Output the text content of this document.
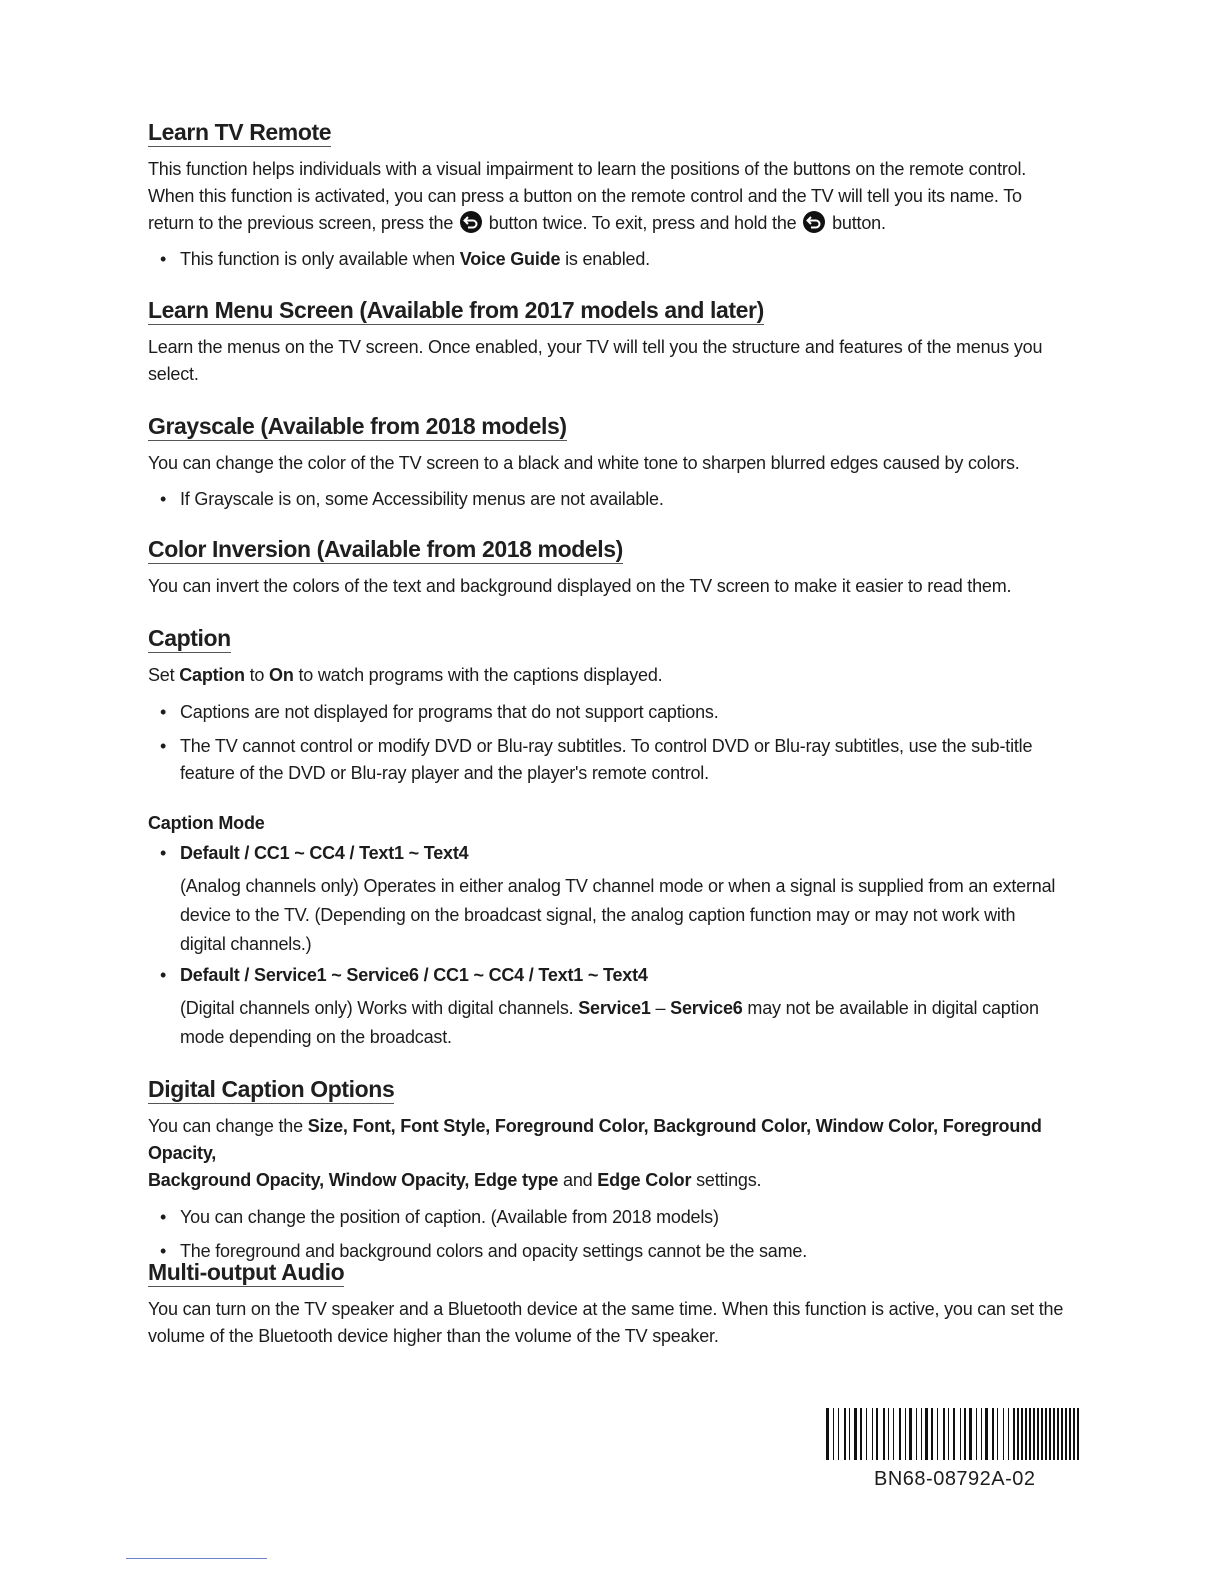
Learn TV Remote

This function helps individuals with a visual impairment to learn the positions of the buttons on the remote control.

When this function is activated, you can press a button on the remote control and the TV will tell you its name. To

return to the previous screen, press the button twice. To exit, press and hold the button.

• This function is only available when Voice Guide is enabled.
Learn Menu Screen (Available from 2017 models and later)

Learn the menus on the TV screen. Once enabled, your TV will tell you the structure and features of the menus you

select.

Grayscale (Available from 2018 models)

You can change the color of the TV screen to a black and white tone to sharpen blurred edges caused by colors.

• If Grayscale is on, some Accessibility menus are not available.
Color Inversion (Available from 2018 models)

You can invert the colors of the text and background displayed on the TV screen to make it easier to read them.

Caption

Set Caption to On to watch programs with the captions displayed.

• Captions are not displayed for programs that do not support captions.
• The TV cannot control or modify DVD or Blu-ray subtitles. To control DVD or Blu-ray subtitles, use the sub-title
feature of the DVD or Blu-ray player and the player's remote control.
Caption Mode
• Default / CC1 ~ CC4 / Text1 ~ Text4
(Analog channels only) Operates in either analog TV channel mode or when a signal is supplied from an external
device to the TV. (Depending on the broadcast signal, the analog caption function may or may not work with
digital channels.)
• Default / Service1 ~ Service6 / CC1 ~ CC4 / Text1 ~ Text4
(Digital channels only) Works with digital channels. Service1 – Service6 may not be available in digital caption
mode depending on the broadcast.
Digital Caption Options

You can change the Size, Font, Font Style, Foreground Color, Background Color, Window Color, Foreground Opacity,

Background Opacity, Window Opacity, Edge type and Edge Color settings.

• You can change the position of caption. (Available from 2018 models)
• The foreground and background colors and opacity settings cannot be the same.
Multi-output Audio

You can turn on the TV speaker and a Bluetooth device at the same time. When this function is active, you can set the

volume of the Bluetooth device higher than the volume of the TV speaker.

BN68-08792A-02
